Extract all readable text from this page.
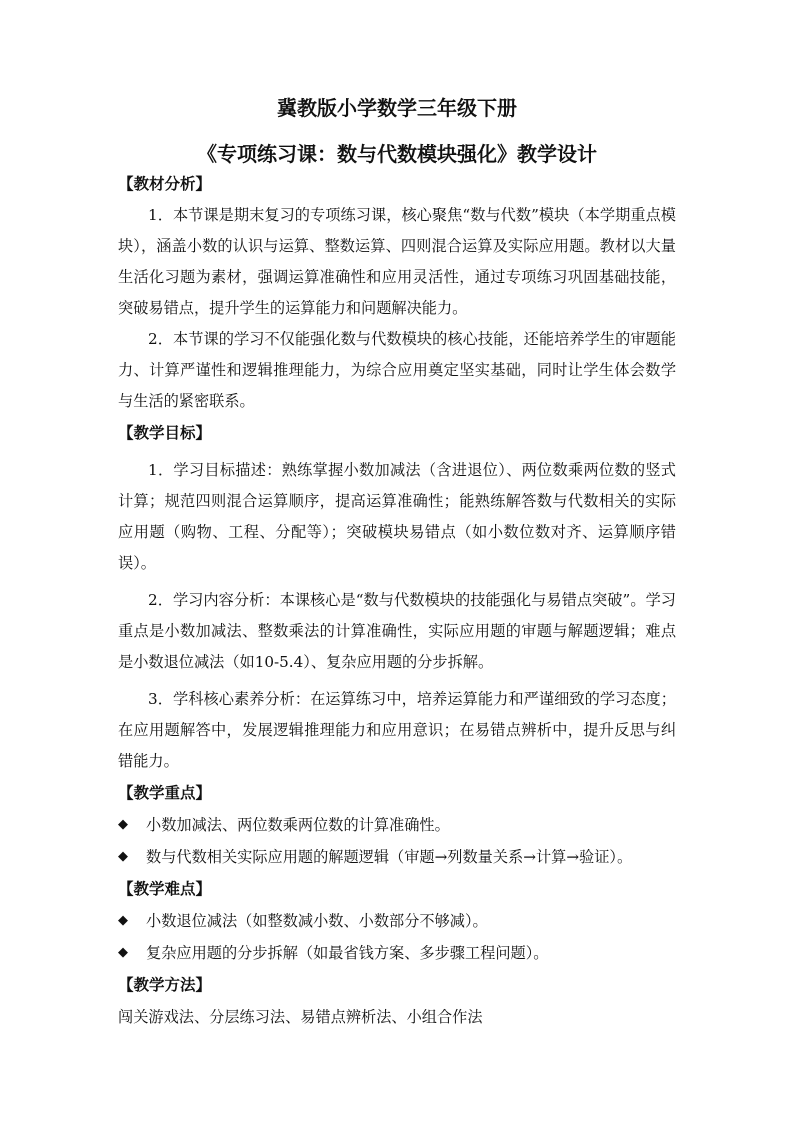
冀教版小学数学三年级下册
《专项练习课：数与代数模块强化》教学设计

【教材分析】

1．本节课是期末复习的专项练习课，核心聚焦“数与代数”模块（本学期重点模块），涵盖小数的认识与运算、整数运算、四则混合运算及实际应用题。教材以大量生活化习题为素材，强调运算准确性和应用灵活性，通过专项练习巩固基础技能，突破易错点，提升学生的运算能力和问题解决能力。

2．本节课的学习不仅能强化数与代数模块的核心技能，还能培养学生的审题能力、计算严谨性和逻辑推理能力，为综合应用奠定坚实基础，同时让学生体会数学与生活的紧密联系。

【教学目标】

1．学习目标描述：熟练掌握小数加减法（含进退位）、两位数乘两位数的竖式计算；规范四则混合运算顺序，提高运算准确性；能熟练解答数与代数相关的实际应用题（购物、工程、分配等）；突破模块易错点（如小数位数对齐、运算顺序错误）。

2．学习内容分析：本课核心是“数与代数模块的技能强化与易错点突破”。学习重点是小数加减法、整数乘法的计算准确性，实际应用题的审题与解题逻辑；难点是小数退位减法（如10-5.4）、复杂应用题的分步拆解。

3．学科核心素养分析：在运算练习中，培养运算能力和严谨细致的学习态度；在应用题解答中，发展逻辑推理能力和应用意识；在易错点辨析中，提升反思与纠错能力。

【教学重点】

◆	小数加减法、两位数乘两位数的计算准确性。

◆	数与代数相关实际应用题的解题逻辑（审题→列数量关系→计算→验证）。

【教学难点】

◆	小数退位减法（如整数减小数、小数部分不够减）。

◆	复杂应用题的分步拆解（如最省钱方案、多步骤工程问题）。

【教学方法】

闯关游戏法、分层练习法、易错点辨析法、小组合作法
